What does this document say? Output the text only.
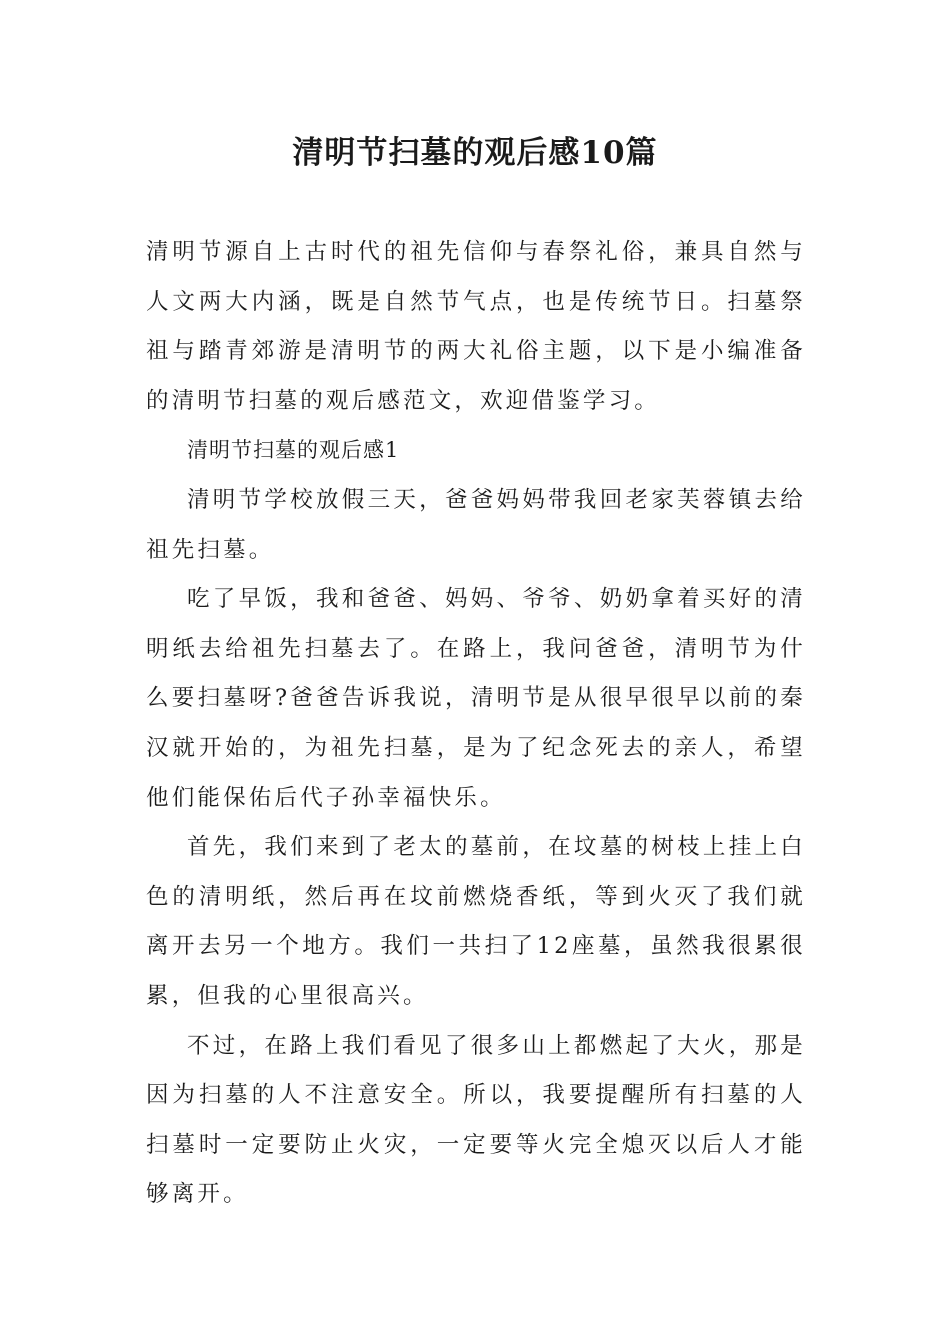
清明节扫墓的观后感10篇

清明节源自上古时代的祖先信仰与春祭礼俗，兼具自然与人文两大内涵，既是自然节气点，也是传统节日。扫墓祭祖与踏青郊游是清明节的两大礼俗主题，以下是小编准备的清明节扫墓的观后感范文，欢迎借鉴学习。

清明节扫墓的观后感1

清明节学校放假三天，爸爸妈妈带我回老家芙蓉镇去给祖先扫墓。

吃了早饭，我和爸爸、妈妈、爷爷、奶奶拿着买好的清明纸去给祖先扫墓去了。在路上，我问爸爸，清明节为什么要扫墓呀?爸爸告诉我说，清明节是从很早很早以前的秦汉就开始的，为祖先扫墓，是为了纪念死去的亲人，希望他们能保佑后代子孙幸福快乐。

首先，我们来到了老太的墓前，在坟墓的树枝上挂上白色的清明纸，然后再在坟前燃烧香纸，等到火灭了我们就离开去另一个地方。我们一共扫了12座墓，虽然我很累很累，但我的心里很高兴。

不过，在路上我们看见了很多山上都燃起了大火，那是因为扫墓的人不注意安全。所以，我要提醒所有扫墓的人扫墓时一定要防止火灾，一定要等火完全熄灭以后人才能够离开。
